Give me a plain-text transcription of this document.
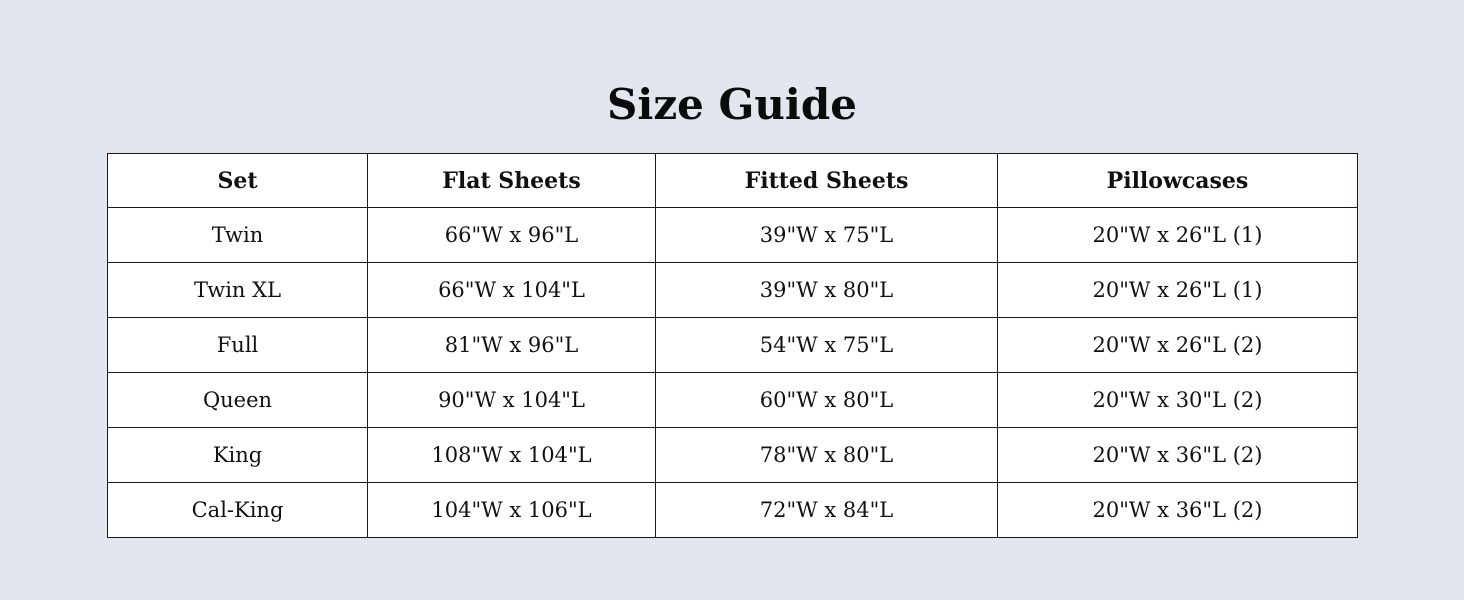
Size Guide
Set	Flat Sheets	Fitted Sheets	Pillowcases
Twin	66"W x 96"L	39"W x 75"L	20"W x 26"L (1)
Twin XL	66"W x 104"L	39"W x 80"L	20"W x 26"L (1)
Full	81"W x 96"L	54"W x 75"L	20"W x 26"L (2)
Queen	90"W x 104"L	60"W x 80"L	20"W x 30"L (2)
King	108"W x 104"L	78"W x 80"L	20"W x 36"L (2)
Cal-King	104"W x 106"L	72"W x 84"L	20"W x 36"L (2)
